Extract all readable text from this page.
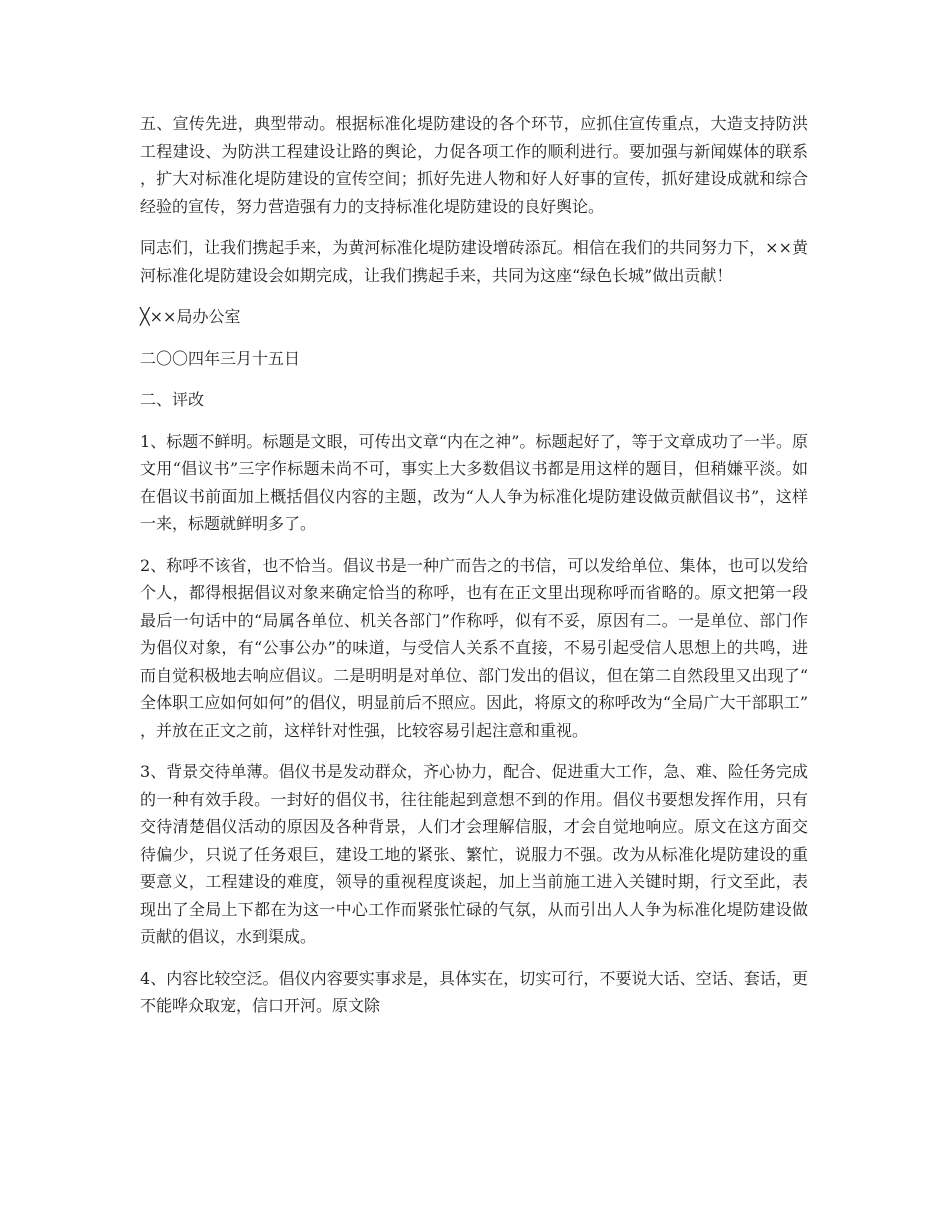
五、宣传先进，典型带动。根据标准化堤防建设的各个环节，应抓住宣传重点，大造支持防洪工程建设、为防洪工程建设让路的舆论，力促各项工作的顺利进行。要加强与新闻媒体的联系，扩大对标准化堤防建设的宣传空间；抓好先进人物和好人好事的宣传，抓好建设成就和综合经验的宣传，努力营造强有力的支持标准化堤防建设的良好舆论。

同志们，让我们携起手来，为黄河标准化堤防建设增砖添瓦。相信在我们的共同努力下，××黄河标准化堤防建设会如期完成，让我们携起手来，共同为这座“绿色长城”做出贡献！

╳××局办公室

二〇〇四年三月十五日

二、评改

1、标题不鲜明。标题是文眼，可传出文章“内在之神”。标题起好了，等于文章成功了一半。原文用“倡议书”三字作标题未尚不可，事实上大多数倡议书都是用这样的题目，但稍嫌平淡。如在倡议书前面加上概括倡仪内容的主题，改为“人人争为标准化堤防建设做贡献倡议书”，这样一来，标题就鲜明多了。

2、称呼不该省，也不恰当。倡议书是一种广而告之的书信，可以发给单位、集体，也可以发给个人，都得根据倡议对象来确定恰当的称呼，也有在正文里出现称呼而省略的。原文把第一段最后一句话中的“局属各单位、机关各部门”作称呼，似有不妥，原因有二。一是单位、部门作为倡仪对象，有“公事公办”的味道，与受信人关系不直接，不易引起受信人思想上的共鸣，进而自觉积极地去响应倡议。二是明明是对单位、部门发出的倡议，但在第二自然段里又出现了“全体职工应如何如何”的倡仪，明显前后不照应。因此，将原文的称呼改为“全局广大干部职工”，并放在正文之前，这样针对性强，比较容易引起注意和重视。

3、背景交待单薄。倡仪书是发动群众，齐心协力，配合、促进重大工作，急、难、险任务完成的一种有效手段。一封好的倡仪书，往往能起到意想不到的作用。倡仪书要想发挥作用，只有交待清楚倡仪活动的原因及各种背景，人们才会理解信服，才会自觉地响应。原文在这方面交待偏少，只说了任务艰巨，建设工地的紧张、繁忙，说服力不强。改为从标准化堤防建设的重要意义，工程建设的难度，领导的重视程度谈起，加上当前施工进入关键时期，行文至此，表现出了全局上下都在为这一中心工作而紧张忙碌的气氛，从而引出人人争为标准化堤防建设做贡献的倡议，水到渠成。

4、内容比较空泛。倡仪内容要实事求是，具体实在，切实可行，不要说大话、空话、套话，更不能哗众取宠，信口开河。原文除
